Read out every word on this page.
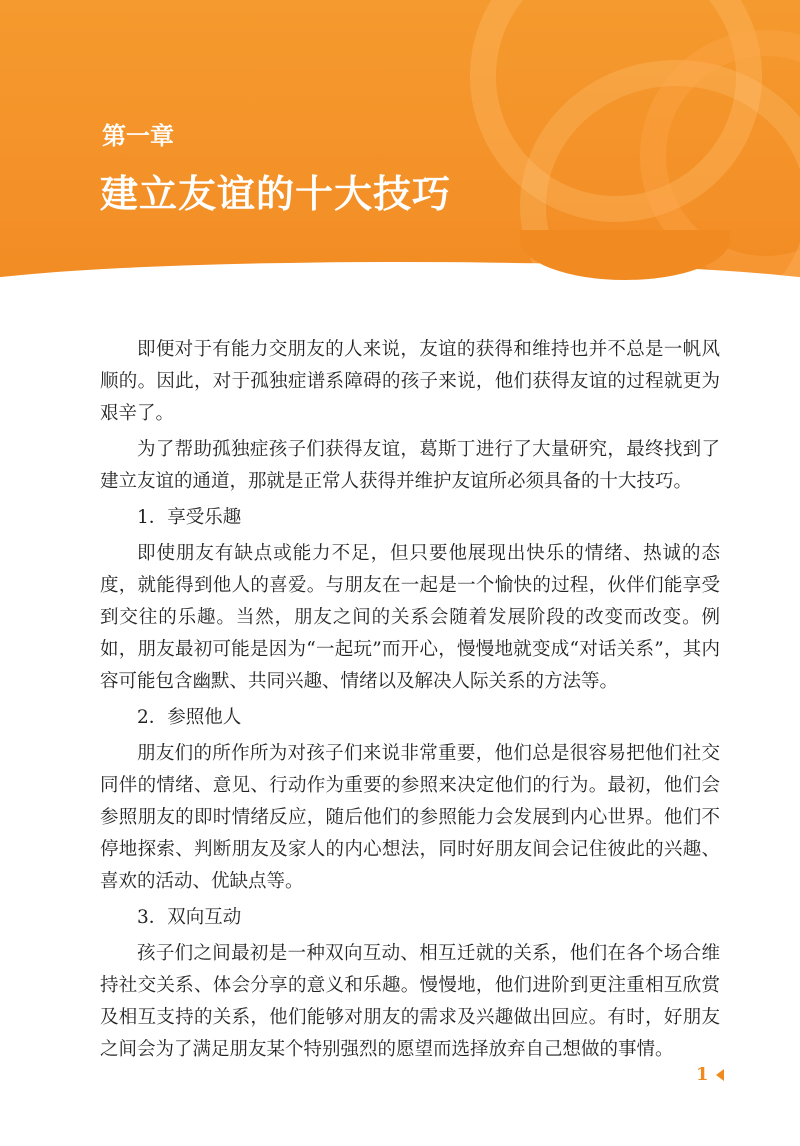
第一章
建立友谊的十大技巧

即便对于有能力交朋友的人来说，友谊的获得和维持也并不总是一帆风顺的。因此，对于孤独症谱系障碍的孩子来说，他们获得友谊的过程就更为艰辛了。

为了帮助孤独症孩子们获得友谊，葛斯丁进行了大量研究，最终找到了建立友谊的通道，那就是正常人获得并维护友谊所必须具备的十大技巧。

1．享受乐趣

即使朋友有缺点或能力不足，但只要他展现出快乐的情绪、热诚的态度，就能得到他人的喜爱。与朋友在一起是一个愉快的过程，伙伴们能享受到交往的乐趣。当然，朋友之间的关系会随着发展阶段的改变而改变。例如，朋友最初可能是因为“一起玩”而开心，慢慢地就变成“对话关系”，其内容可能包含幽默、共同兴趣、情绪以及解决人际关系的方法等。

2．参照他人

朋友们的所作所为对孩子们来说非常重要，他们总是很容易把他们社交同伴的情绪、意见、行动作为重要的参照来决定他们的行为。最初，他们会参照朋友的即时情绪反应，随后他们的参照能力会发展到内心世界。他们不停地探索、判断朋友及家人的内心想法，同时好朋友间会记住彼此的兴趣、喜欢的活动、优缺点等。

3．双向互动

孩子们之间最初是一种双向互动、相互迁就的关系，他们在各个场合维持社交关系、体会分享的意义和乐趣。慢慢地，他们进阶到更注重相互欣赏及相互支持的关系，他们能够对朋友的需求及兴趣做出回应。有时，好朋友之间会为了满足朋友某个特别强烈的愿望而选择放弃自己想做的事情。

1
